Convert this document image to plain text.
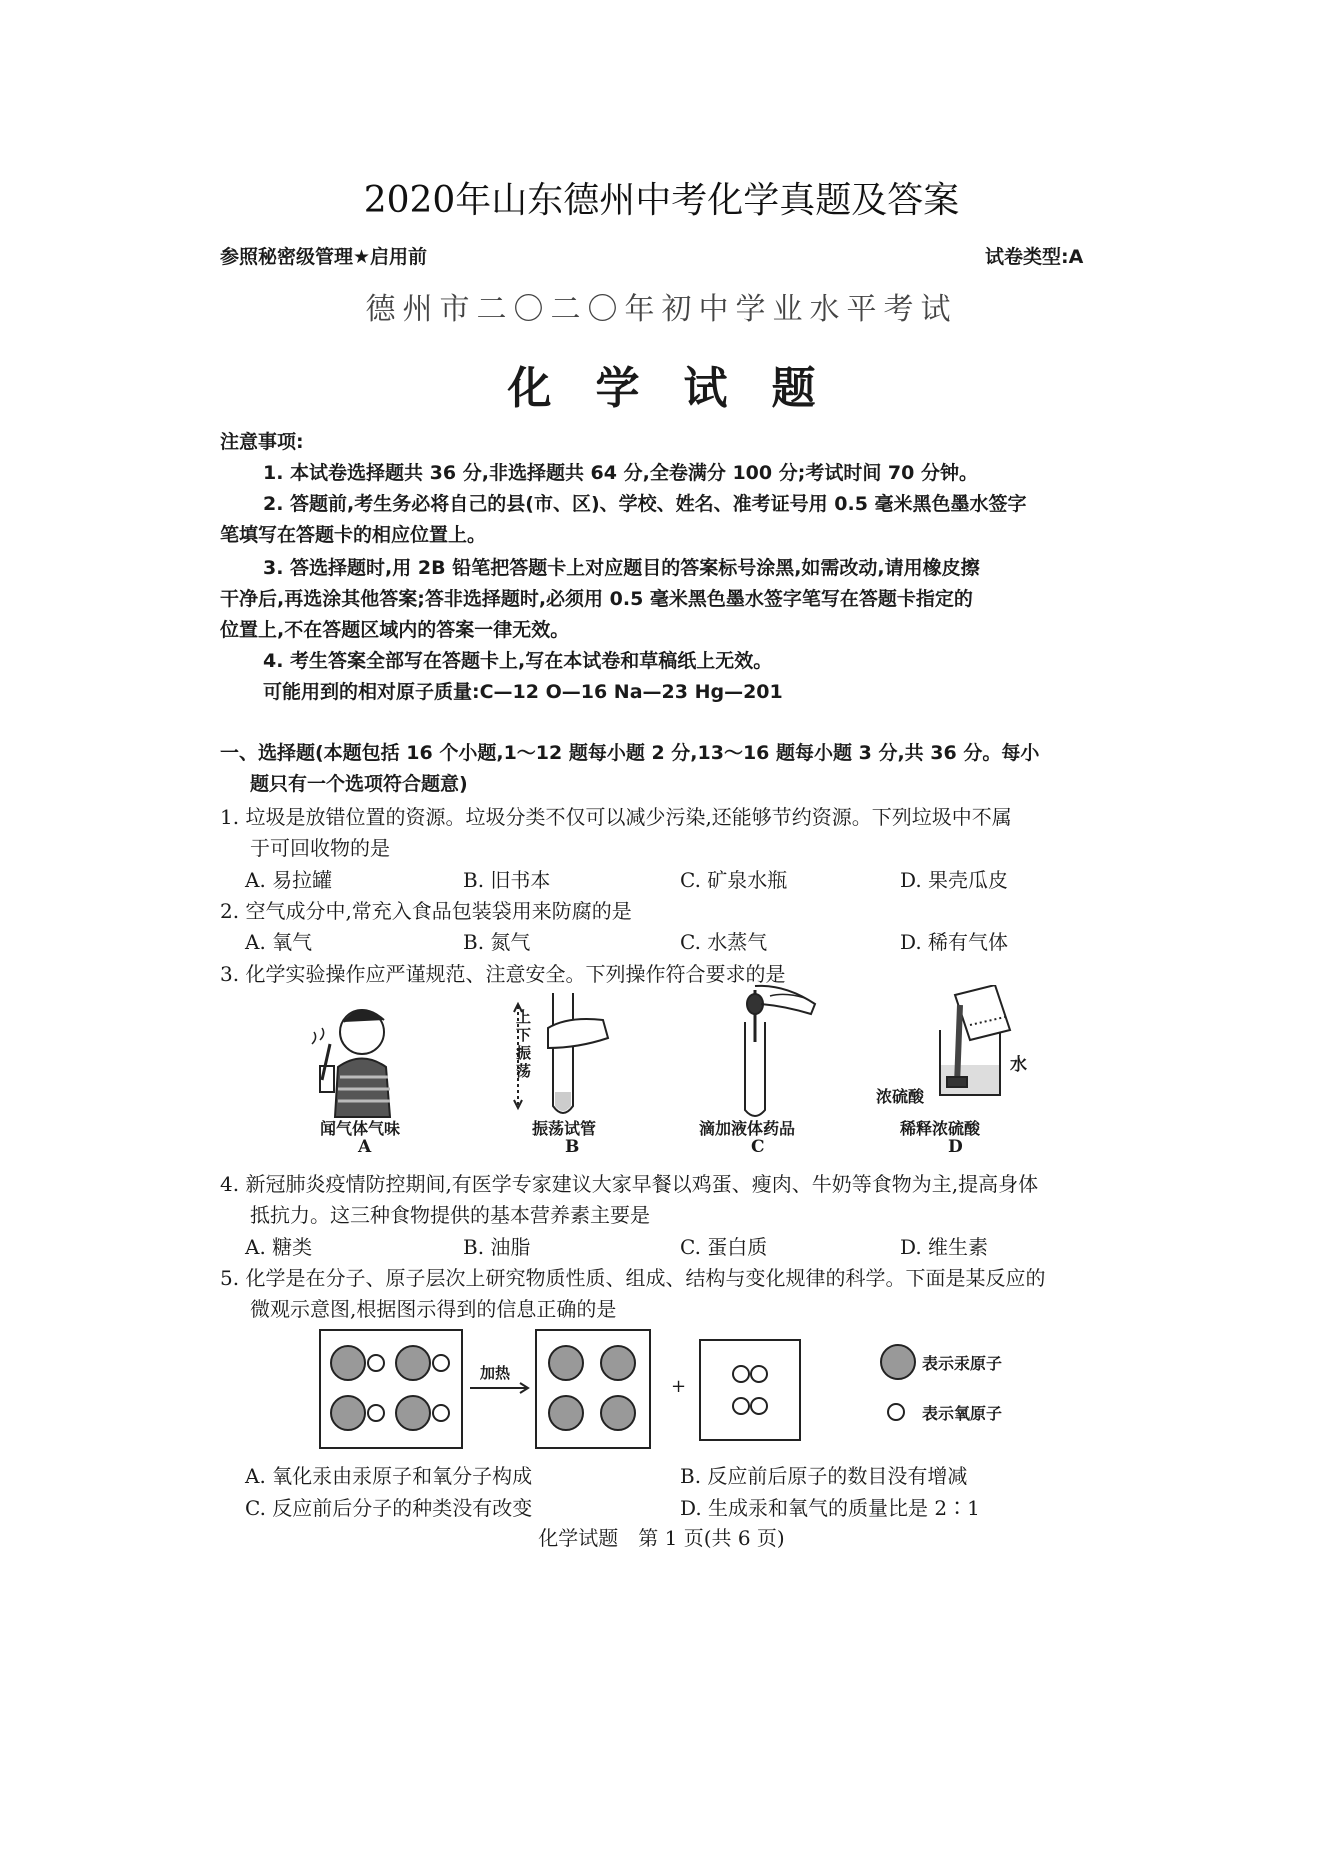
2020年山东德州中考化学真题及答案
参照秘密级管理★启用前	试卷类型:A
德州市二〇二〇年初中学业水平考试
化学试题
注意事项:
1. 本试卷选择题共 36 分,非选择题共 64 分,全卷满分 100 分;考试时间 70 分钟。
2. 答题前,考生务必将自己的县(市、区)、学校、姓名、准考证号用 0.5 毫米黑色墨水签字
笔填写在答题卡的相应位置上。
3. 答选择题时,用 2B 铅笔把答题卡上对应题目的答案标号涂黑,如需改动,请用橡皮擦
干净后,再选涂其他答案;答非选择题时,必须用 0.5 毫米黑色墨水签字笔写在答题卡指定的
位置上,不在答题区域内的答案一律无效。
4. 考生答案全部写在答题卡上,写在本试卷和草稿纸上无效。
可能用到的相对原子质量:C—12 O—16 Na—23 Hg—201
一、选择题(本题包括 16 个小题,1～12 题每小题 2 分,13～16 题每小题 3 分,共 36 分。每小
题只有一个选项符合题意)
1. 垃圾是放错位置的资源。垃圾分类不仅可以减少污染,还能够节约资源。下列垃圾中不属
于可回收物的是
A. 易拉罐	B. 旧书本	C. 矿泉水瓶	D. 果壳瓜皮
2. 空气成分中,常充入食品包装袋用来防腐的是
A. 氧气	B. 氮气	C. 水蒸气	D. 稀有气体
3. 化学实验操作应严谨规范、注意安全。下列操作符合要求的是
上下振荡	水
浓硫酸
闻气体气味	振荡试管	滴加液体药品	稀释浓硫酸
A	B	C	D
4. 新冠肺炎疫情防控期间,有医学专家建议大家早餐以鸡蛋、瘦肉、牛奶等食物为主,提高身体
抵抗力。这三种食物提供的基本营养素主要是
A. 糖类	B. 油脂	C. 蛋白质	D. 维生素
5. 化学是在分子、原子层次上研究物质性质、组成、结构与变化规律的科学。下面是某反应的
微观示意图,根据图示得到的信息正确的是
加热
+
表示汞原子
表示氧原子
A. 氧化汞由汞原子和氧分子构成	B. 反应前后原子的数目没有增减
C. 反应前后分子的种类没有改变	D. 生成汞和氧气的质量比是 2∶1
化学试题　第 1 页(共 6 页)
